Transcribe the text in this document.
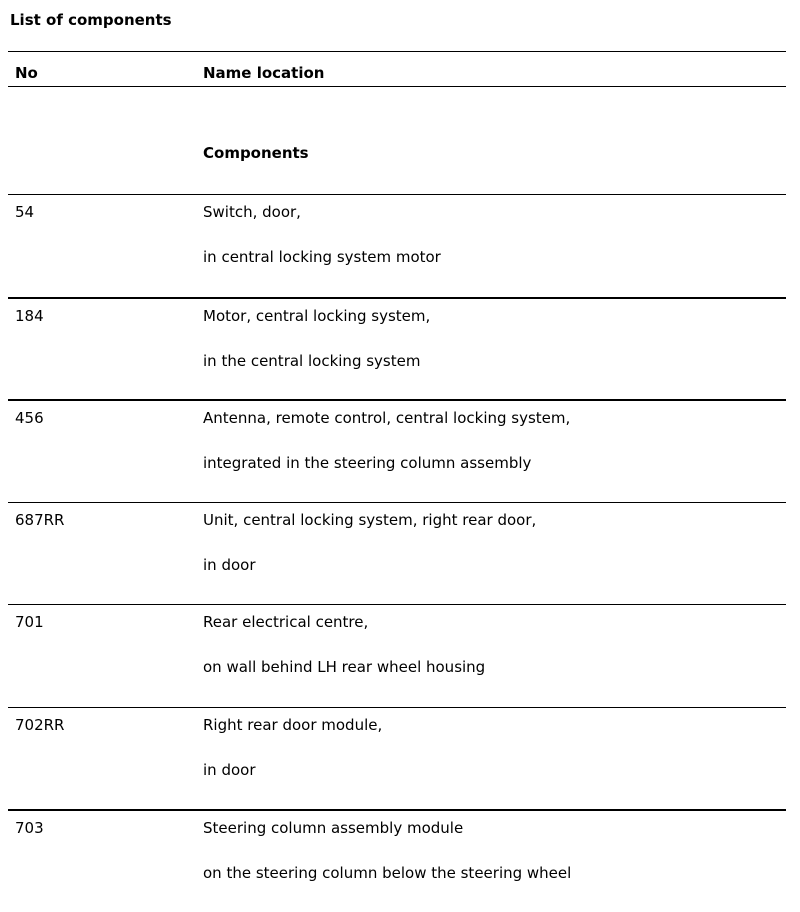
List of components
No	Name location
Components
54	Switch, door,
in central locking system motor
184	Motor, central locking system,
in the central locking system
456	Antenna, remote control, central locking system,
integrated in the steering column assembly
687RR	Unit, central locking system, right rear door,
in door
701	Rear electrical centre,
on wall behind LH rear wheel housing
702RR	Right rear door module,
in door
703	Steering column assembly module
on the steering column below the steering wheel
